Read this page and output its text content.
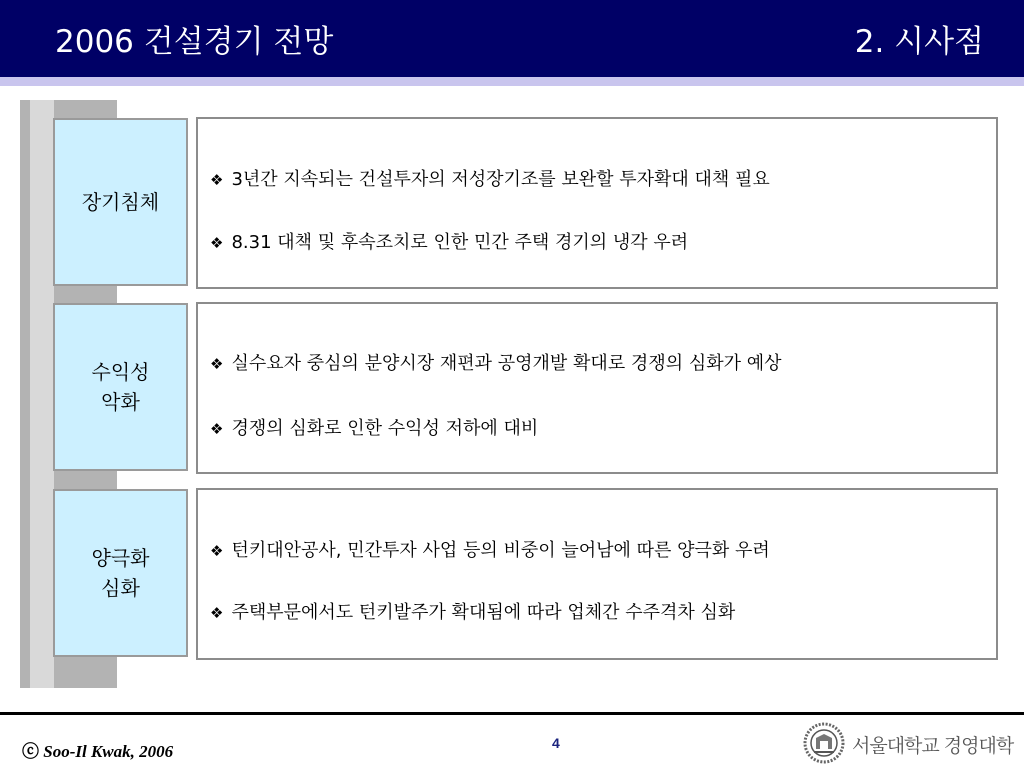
2006 건설경기 전망	2. 시사점
장기침체
❖ 3년간 지속되는 건설투자의 저성장기조를 보완할 투자확대 대책 필요
❖ 8.31 대책 및 후속조치로 인한 민간 주택 경기의 냉각 우려
수익성
악화
❖ 실수요자 중심의 분양시장 재편과 공영개발 확대로 경쟁의 심화가 예상
❖ 경쟁의 심화로 인한 수익성 저하에 대비
양극화
심화
❖ 턴키대안공사, 민간투자 사업 등의 비중이 늘어남에 따른 양극화 우려
❖ 주택부문에서도 턴키발주가 확대됨에 따라 업체간 수주격차 심화
ⓒ Soo-Il Kwak, 2006	4	서울대학교 경영대학
